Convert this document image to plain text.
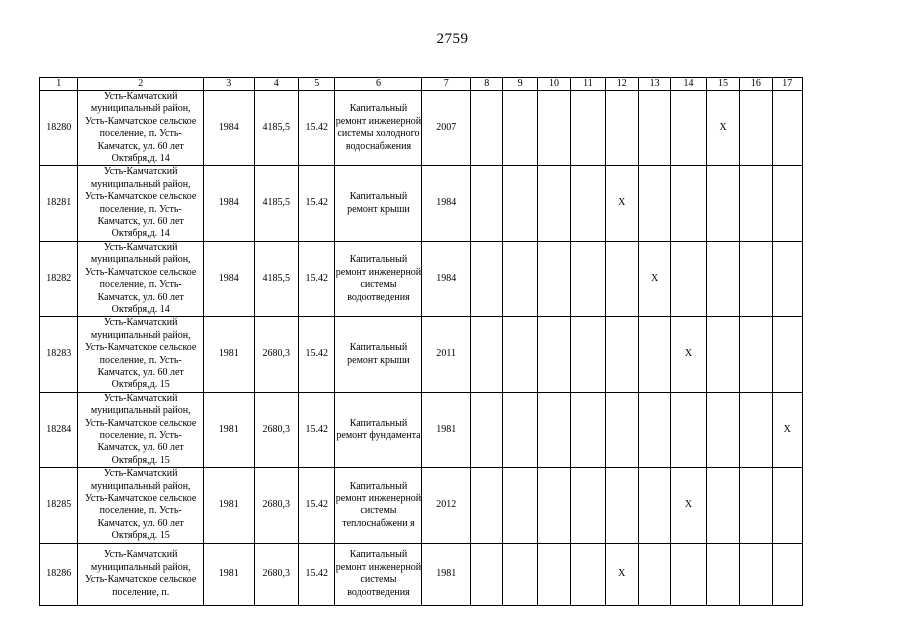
2759
1	2	3	4	5	6	7	8	9	10	11	12	13	14	15	16	17
18280	Усть-Камчатский муниципальный район, Усть-Камчатское сельское поселение, п. Усть-Камчатск, ул. 60 лет Октября,д. 14	1984	4185,5	15.42	Капитальный ремонт инженерной системы холодного водоснабжения	2007								X		
18281	Усть-Камчатский муниципальный район, Усть-Камчатское сельское поселение, п. Усть-Камчатск, ул. 60 лет Октября,д. 14	1984	4185,5	15.42	Капитальный ремонт крыши	1984					X					
18282	Усть-Камчатский муниципальный район, Усть-Камчатское сельское поселение, п. Усть-Камчатск, ул. 60 лет Октября,д. 14	1984	4185,5	15.42	Капитальный ремонт инженерной системы водоотведения	1984						X				
18283	Усть-Камчатский муниципальный район, Усть-Камчатское сельское поселение, п. Усть-Камчатск, ул. 60 лет Октября,д. 15	1981	2680,3	15.42	Капитальный ремонт крыши	2011							X			
18284	Усть-Камчатский муниципальный район, Усть-Камчатское сельское поселение, п. Усть-Камчатск, ул. 60 лет Октября,д. 15	1981	2680,3	15.42	Капитальный ремонт фундамента	1981										X
18285	Усть-Камчатский муниципальный район, Усть-Камчатское сельское поселение, п. Усть-Камчатск, ул. 60 лет Октября,д. 15	1981	2680,3	15.42	Капитальный ремонт инженерной системы теплоснабжени я	2012							X			
18286	Усть-Камчатский муниципальный район, Усть-Камчатское сельское поселение, п.	1981	2680,3	15.42	Капитальный ремонт инженерной системы водоотведения	1981					X					
